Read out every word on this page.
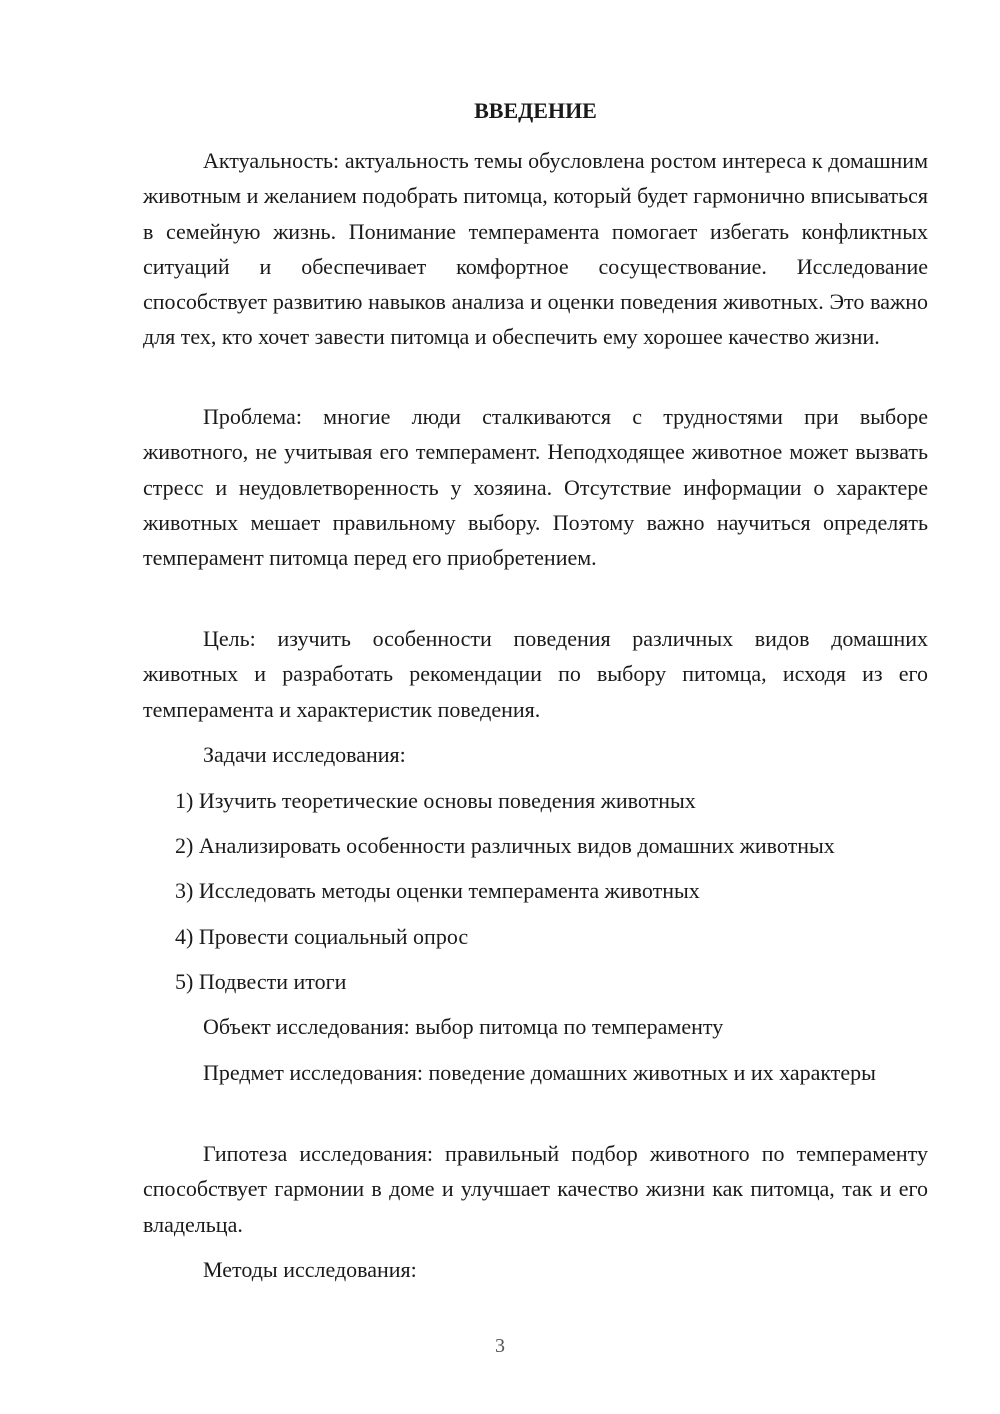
ВВЕДЕНИЕ

Актуальность: актуальность темы обусловлена ростом интереса к домашним животным и желанием подобрать питомца, который будет гармонично вписываться в семейную жизнь. Понимание темперамента помогает избегать конфликтных ситуаций и обеспечивает комфортное сосуществование. Исследование способствует развитию навыков анализа и оценки поведения животных. Это важно для тех, кто хочет завести питомца и обеспечить ему хорошее качество жизни.

Проблема: многие люди сталкиваются с трудностями при выборе животного, не учитывая его темперамент. Неподходящее животное может вызвать стресс и неудовлетворенность у хозяина. Отсутствие информации о характере животных мешает правильному выбору. Поэтому важно научиться определять темперамент питомца перед его приобретением.

Цель: изучить особенности поведения различных видов домашних животных и разработать рекомендации по выбору питомца, исходя из его темперамента и характеристик поведения.

Задачи исследования:

1) Изучить теоретические основы поведения животных

2) Анализировать особенности различных видов домашних животных

3) Исследовать методы оценки темперамента животных

4) Провести социальный опрос

5) Подвести итоги

Объект исследования: выбор питомца по темпераменту

Предмет исследования: поведение домашних животных и их характеры

Гипотеза исследования: правильный подбор животного по темпераменту способствует гармонии в доме и улучшает качество жизни как питомца, так и его владельца.

Методы исследования:

3
